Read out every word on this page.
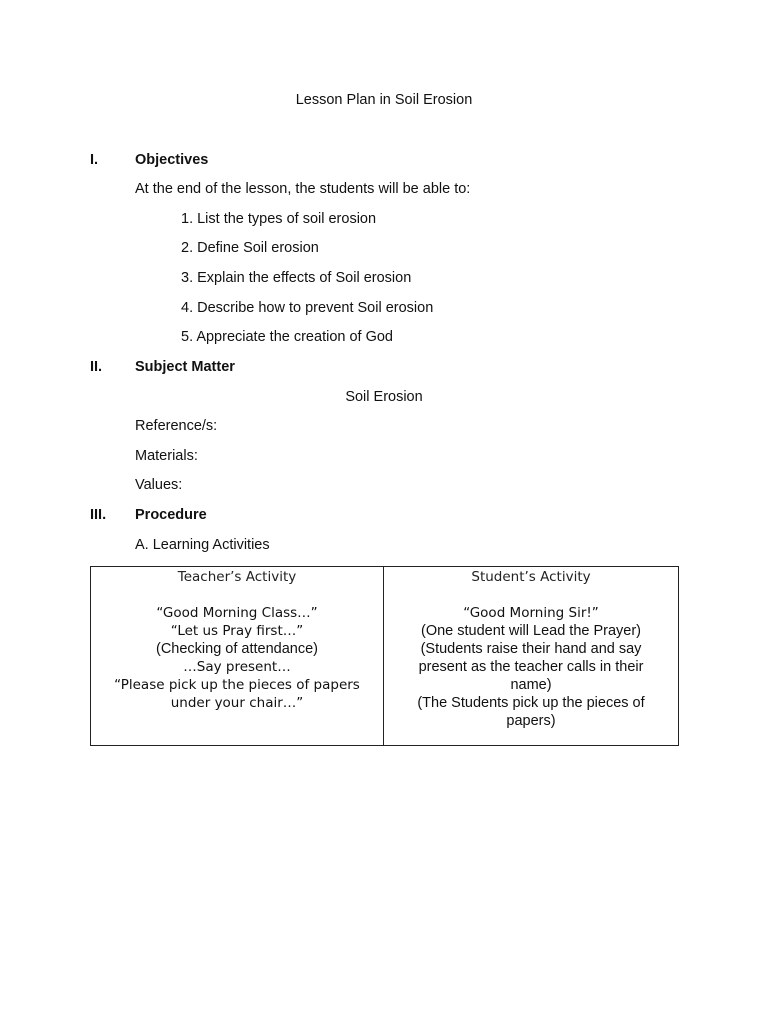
Lesson Plan in Soil Erosion
I.	Objectives
At the end of the lesson, the students will be able to:
1. List the types of soil erosion
2. Define Soil erosion
3. Explain the effects of Soil erosion
4. Describe how to prevent Soil erosion
5. Appreciate the creation of God
II. Subject Matter
Soil Erosion
Reference/s:
Materials:
Values:
III. Procedure
A. Learning Activities
Teacher’s Activity
“Good Morning Class…”
“Let us Pray first…”
(Checking of attendance)
…Say present…
“Please pick up the pieces of papers
under your chair…”
Student’s Activity
“Good Morning Sir!”
(One student will Lead the Prayer)
(Students raise their hand and say
present as the teacher calls in their
name)
(The Students pick up the pieces of
papers)
